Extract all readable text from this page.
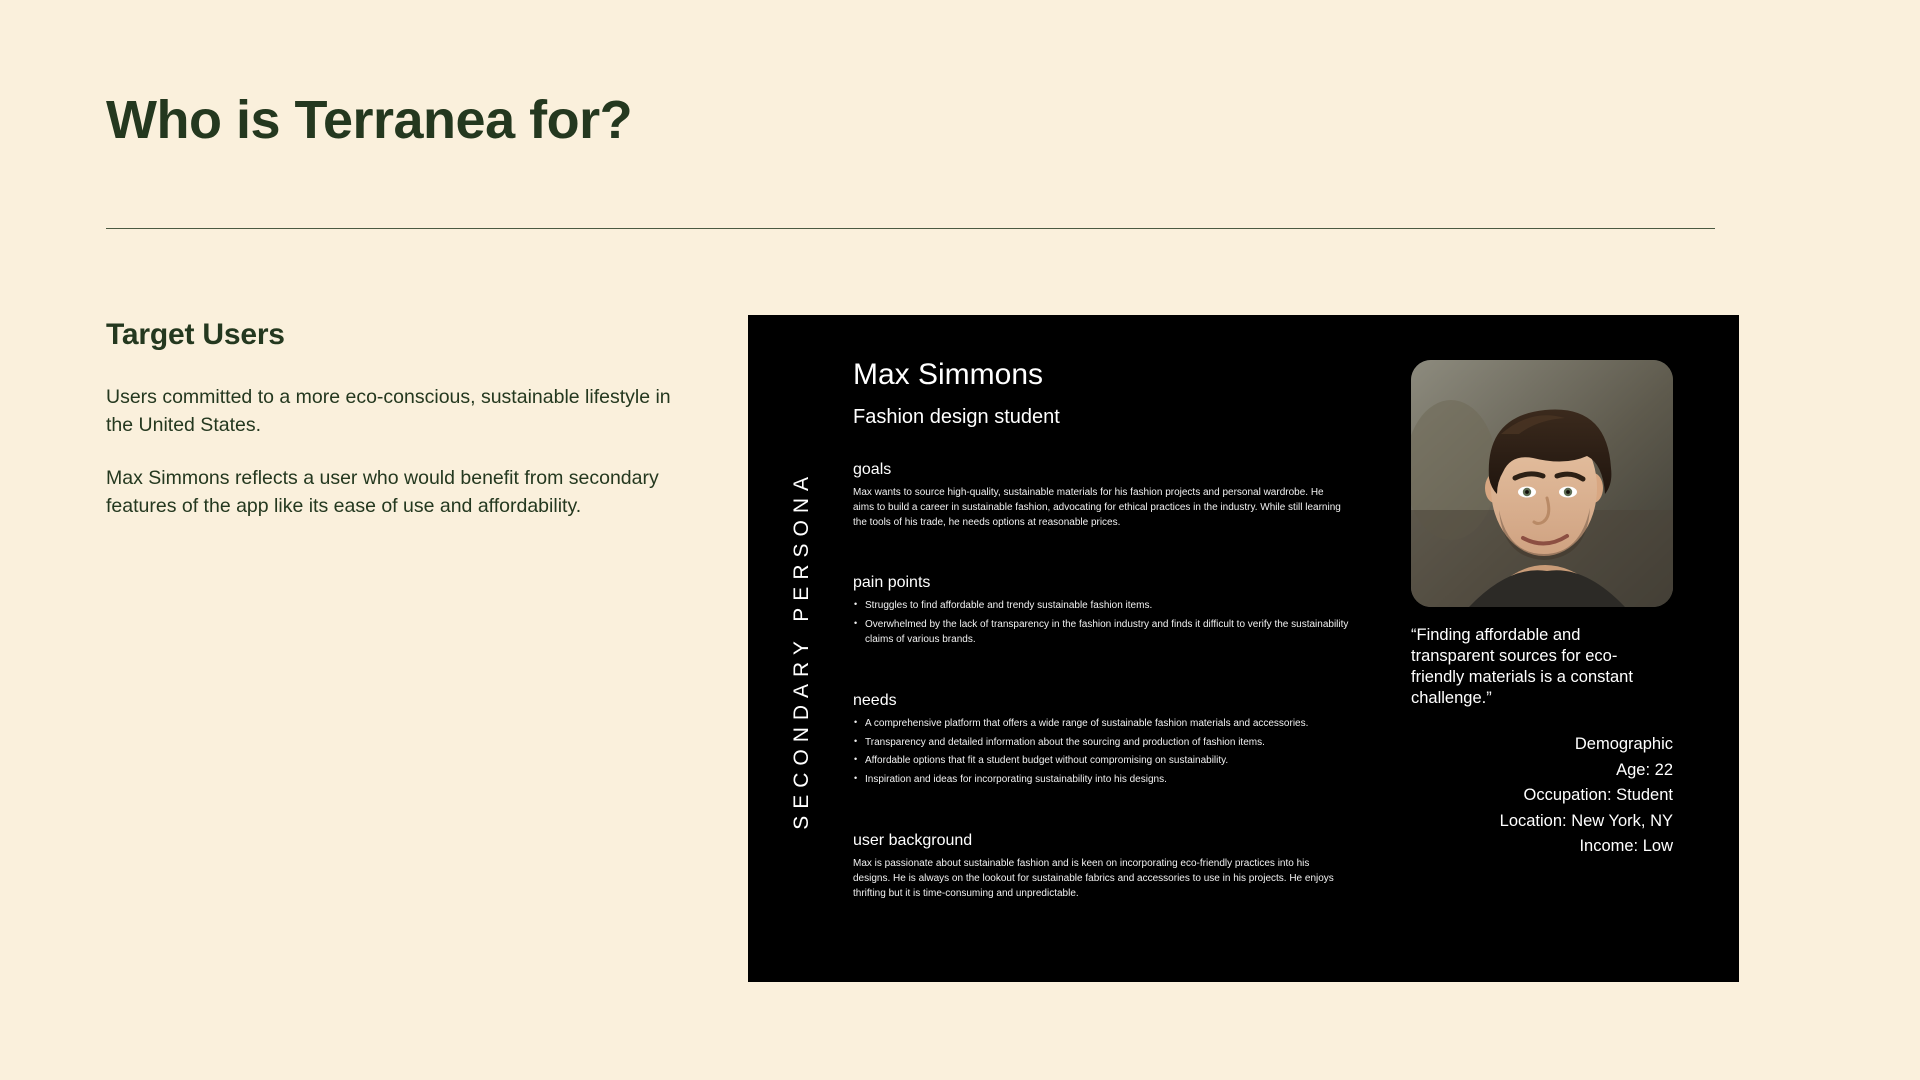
Who is Terranea for?
Target Users

Users committed to a more eco-conscious, sustainable lifestyle in the United States.

Max Simmons reflects a user who would benefit from secondary features of the app like its ease of use and affordability.	SECONDARY PERSONA
Max Simmons
Fashion design student
goals
Max wants to source high-quality, sustainable materials for his fashion projects and personal wardrobe. He aims to build a career in sustainable fashion, advocating for ethical practices in the industry. While still learning the tools of his trade, he needs options at reasonable prices.
pain points
• Struggles to find affordable and trendy sustainable fashion items.
• Overwhelmed by the lack of transparency in the fashion industry and finds it difficult to verify the sustainability claims of various brands.
needs
• A comprehensive platform that offers a wide range of sustainable fashion materials and accessories.
• Transparency and detailed information about the sourcing and production of fashion items.
• Affordable options that fit a student budget without compromising on sustainability.
• Inspiration and ideas for incorporating sustainability into his designs.
user background
Max is passionate about sustainable fashion and is keen on incorporating eco-friendly practices into his designs. He is always on the lookout for sustainable fabrics and accessories to use in his projects. He enjoys thrifting but it is time-consuming and unpredictable.
“Finding affordable and transparent sources for eco-friendly materials is a constant challenge.”
Demographic
Age: 22
Occupation: Student
Location: New York, NY
Income: Low
